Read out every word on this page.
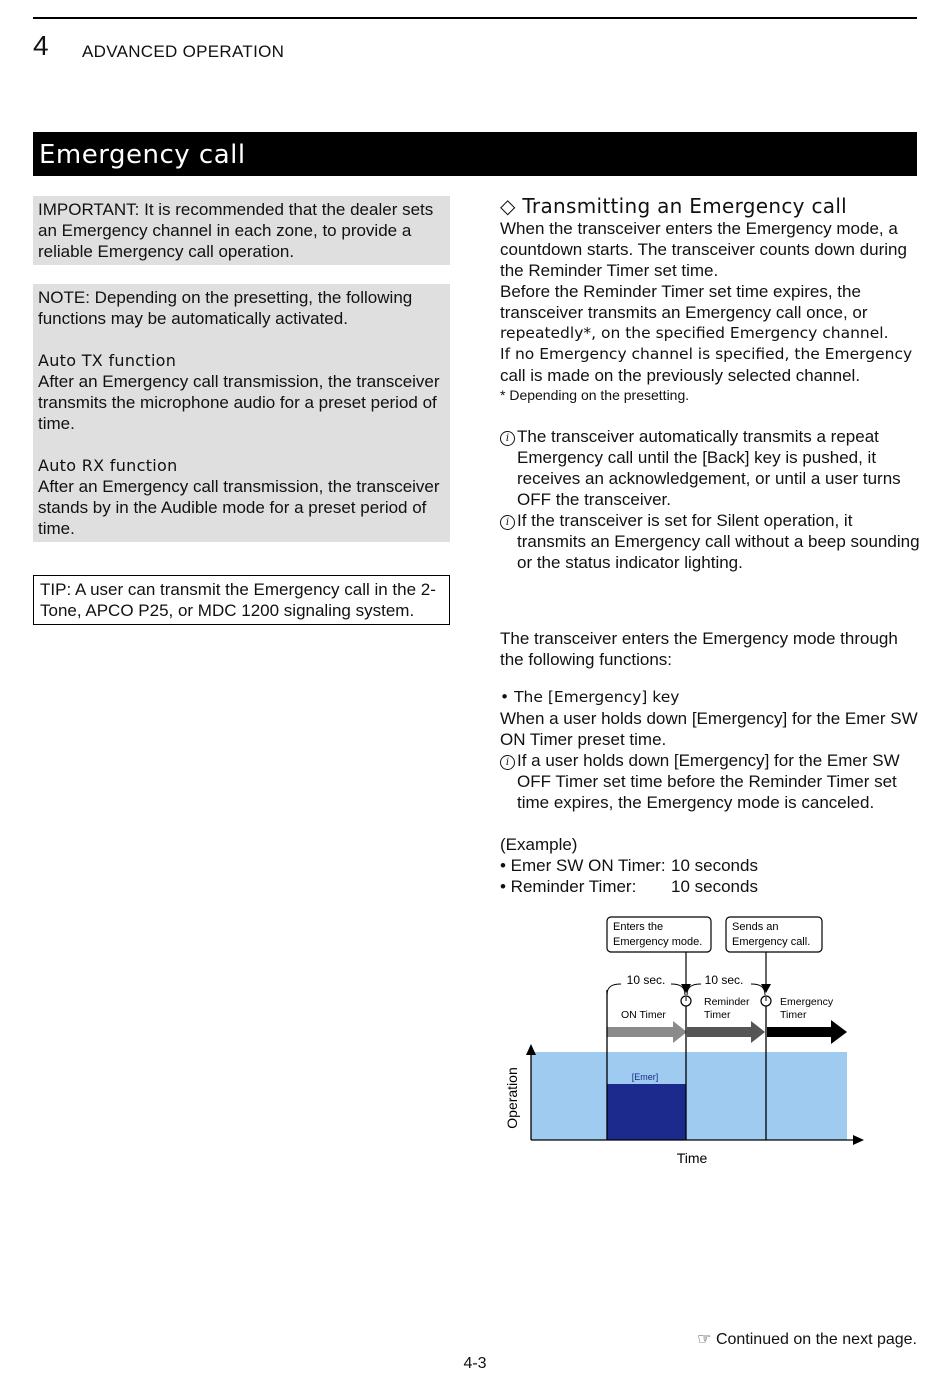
4 ADVANCED OPERATION
Emergency call

IMPORTANT: It is recommended that the dealer sets an Emergency channel in each zone, to provide a reliable Emergency call operation.

NOTE: Depending on the presetting, the following functions may be automatically activated.

Auto TX function

After an Emergency call transmission, the transceiver transmits the microphone audio for a preset period of time.

Auto RX function

After an Emergency call transmission, the transceiver stands by in the Audible mode for a preset period of time.

TIP: A user can transmit the Emergency call in the 2-Tone, APCO P25, or MDC 1200 signaling system.

◇ Transmitting an Emergency call

When the transceiver enters the Emergency mode, a countdown starts. The transceiver counts down during the Reminder Timer set time.

Before the Reminder Timer set time expires, the transceiver transmits an Emergency call once, or

repeatedly*, on the specified Emergency channel.

If no Emergency channel is specified, the Emergency

call is made on the previously selected channel.

* Depending on the presetting.

i The transceiver automatically transmits a repeat Emergency call until the [Back] key is pushed, it receives an acknowledgement, or until a user turns OFF the transceiver.

i If the transceiver is set for Silent operation, it transmits an Emergency call without a beep sounding or the status indicator lighting.

The transceiver enters the Emergency mode through the following functions:

• The [Emergency] key

When a user holds down [Emergency] for the Emer SW ON Timer preset time.

i If a user holds down [Emergency] for the Emer SW OFF Timer set time before the Reminder Timer set time expires, the Emergency mode is canceled.

(Example)

• Emer SW ON Timer: 10 seconds
• Reminder Timer:	10 seconds
Enters the
Emergency mode.
Sends an
Emergency call.
10 sec.	10 sec.
ON Timer
Reminder
Timer
Emergency
Timer
[Emer]
Operation
Time
☞ Continued on the next page.
4-3
